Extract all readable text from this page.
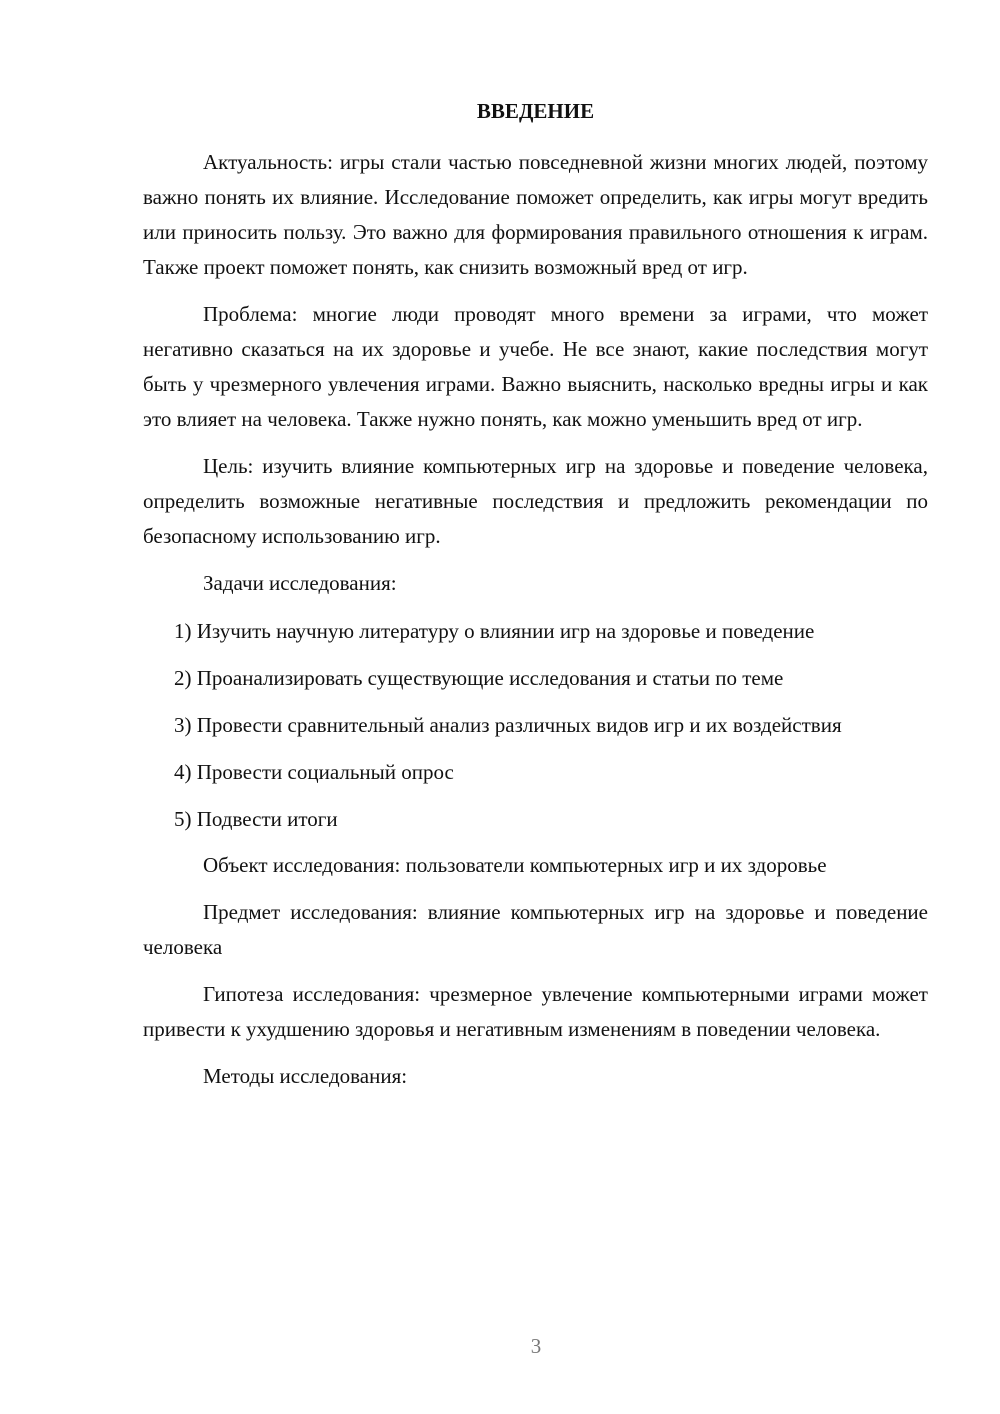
ВВЕДЕНИЕ

Актуальность: игры стали частью повседневной жизни многих людей, поэтому важно понять их влияние. Исследование поможет определить, как игры могут вредить или приносить пользу. Это важно для формирования правильного отношения к играм. Также проект поможет понять, как снизить возможный вред от игр.

Проблема: многие люди проводят много времени за играми, что может негативно сказаться на их здоровье и учебе. Не все знают, какие последствия могут быть у чрезмерного увлечения играми. Важно выяснить, насколько вредны игры и как это влияет на человека. Также нужно понять, как можно уменьшить вред от игр.

Цель: изучить влияние компьютерных игр на здоровье и поведение человека, определить возможные негативные последствия и предложить рекомендации по безопасному использованию игр.

Задачи исследования:

1) Изучить научную литературу о влиянии игр на здоровье и поведение

2) Проанализировать существующие исследования и статьи по теме

3) Провести сравнительный анализ различных видов игр и их воздействия

4) Провести социальный опрос

5) Подвести итоги

Объект исследования: пользователи компьютерных игр и их здоровье

Предмет исследования: влияние компьютерных игр на здоровье и поведение человека

Гипотеза исследования: чрезмерное увлечение компьютерными играми может привести к ухудшению здоровья и негативным изменениям в поведении человека.

Методы исследования:

3
